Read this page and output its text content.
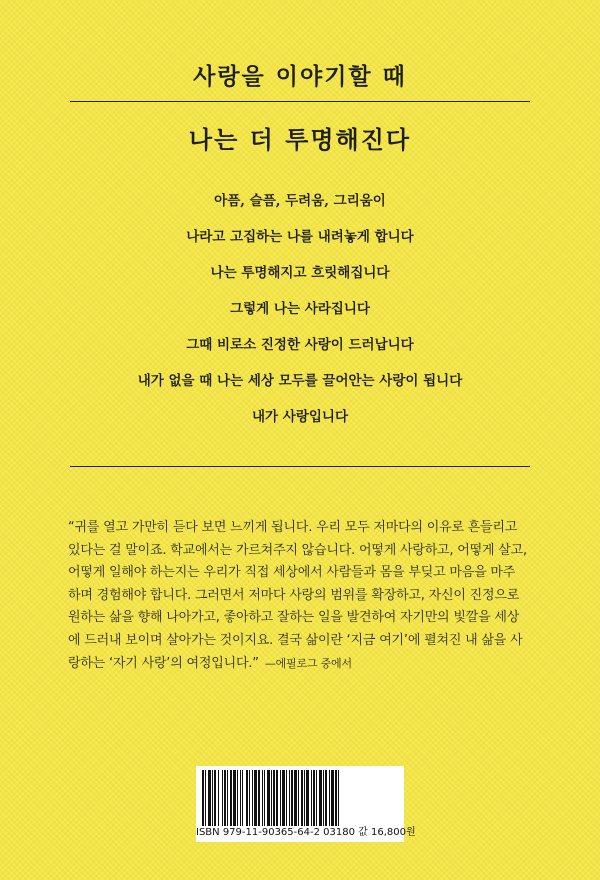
사랑을 이야기할 때
나는 더 투명해진다
아픔, 슬픔, 두려움, 그리움이
나라고 고집하는 나를 내려놓게 합니다
나는 투명해지고 흐릿해집니다
그렇게 나는 사라집니다
그때 비로소 진정한 사랑이 드러납니다
내가 없을 때 나는 세상 모두를 끌어안는 사랑이 됩니다
내가 사랑입니다
“귀를 열고 가만히 듣다 보면 느끼게 됩니다. 우리 모두 저마다의 이유로 흔들리고
있다는 걸 말이죠. 학교에서는 가르쳐주지 않습니다. 어떻게 사랑하고, 어떻게 살고,
어떻게 일해야 하는지는 우리가 직접 세상에서 사람들과 몸을 부딪고 마음을 마주
하며 경험해야 합니다. 그러면서 저마다 사랑의 범위를 확장하고, 자신이 진정으로
원하는 삶을 향해 나아가고, 좋아하고 잘하는 일을 발견하여 자기만의 빛깔을 세상
에 드러내 보이며 살아가는 것이지요. 결국 삶이란 ‘지금 여기’에 펼쳐진 내 삶을 사
랑하는 ‘자기 사랑’의 여정입니다.” —에필로그 중에서
ISBN 979-11-90365-64-2 03180 값 16,800원
